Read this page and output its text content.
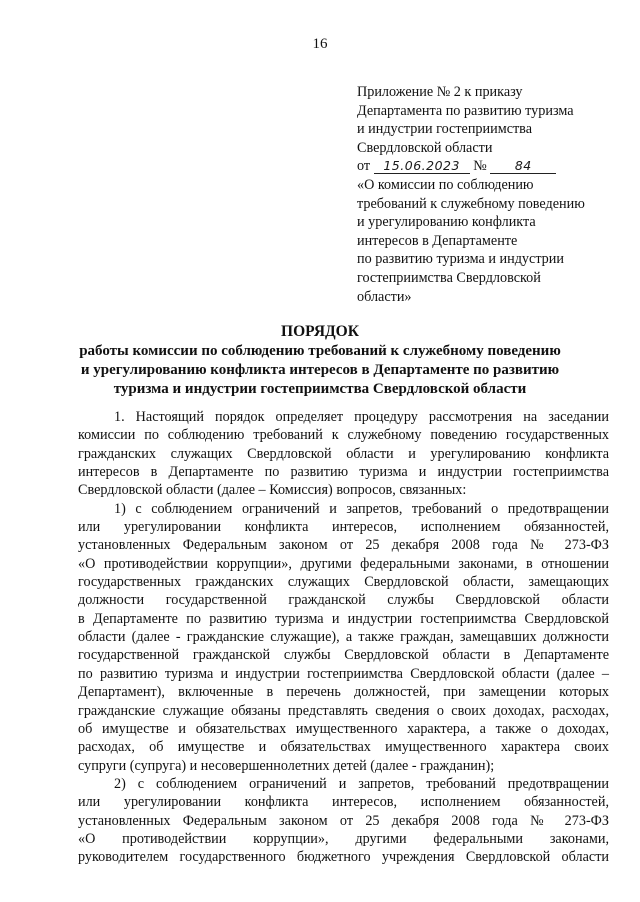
16
Приложение № 2 к приказу
Департамента по развитию туризма
и индустрии гостеприимства
Свердловской области
от 15.06.2023 № 84
«О комиссии по соблюдению
требований к служебному поведению
и урегулированию конфликта
интересов в Департаменте
по развитию туризма и индустрии
гостеприимства Свердловской
области»
ПОРЯДОК
работы комиссии по соблюдению требований к служебному поведению
и урегулированию конфликта интересов в Департаменте по развитию
туризма и индустрии гостеприимства Свердловской области

1. Настоящий порядок определяет процедуру рассмотрения на заседании

комиссии по соблюдению требований к служебному поведению государственных

гражданских служащих Свердловской области и урегулированию конфликта

интересов в Департаменте по развитию туризма и индустрии гостеприимства

Свердловской области (далее – Комиссия) вопросов, связанных:

1) с соблюдением ограничений и запретов, требований о предотвращении

или урегулировании конфликта интересов, исполнением обязанностей,

установленных Федеральным законом от 25 декабря 2008 года № 273-ФЗ

«О противодействии коррупции», другими федеральными законами, в отношении

государственных гражданских служащих Свердловской области, замещающих

должности государственной гражданской службы Свердловской области

в Департаменте по развитию туризма и индустрии гостеприимства Свердловской

области (далее - гражданские служащие), а также граждан, замещавших должности

государственной гражданской службы Свердловской области в Департаменте

по развитию туризма и индустрии гостеприимства Свердловской области (далее –

Департамент), включенные в перечень должностей, при замещении которых

гражданские служащие обязаны представлять сведения о своих доходах, расходах,

об имуществе и обязательствах имущественного характера, а также о доходах,

расходах, об имуществе и обязательствах имущественного характера своих

супруги (супруга) и несовершеннолетних детей (далее - гражданин);

2) с соблюдением ограничений и запретов, требований предотвращении

или урегулировании конфликта интересов, исполнением обязанностей,

установленных Федеральным законом от 25 декабря 2008 года № 273-ФЗ

«О противодействии коррупции», другими федеральными законами,

руководителем государственного бюджетного учреждения Свердловской области
